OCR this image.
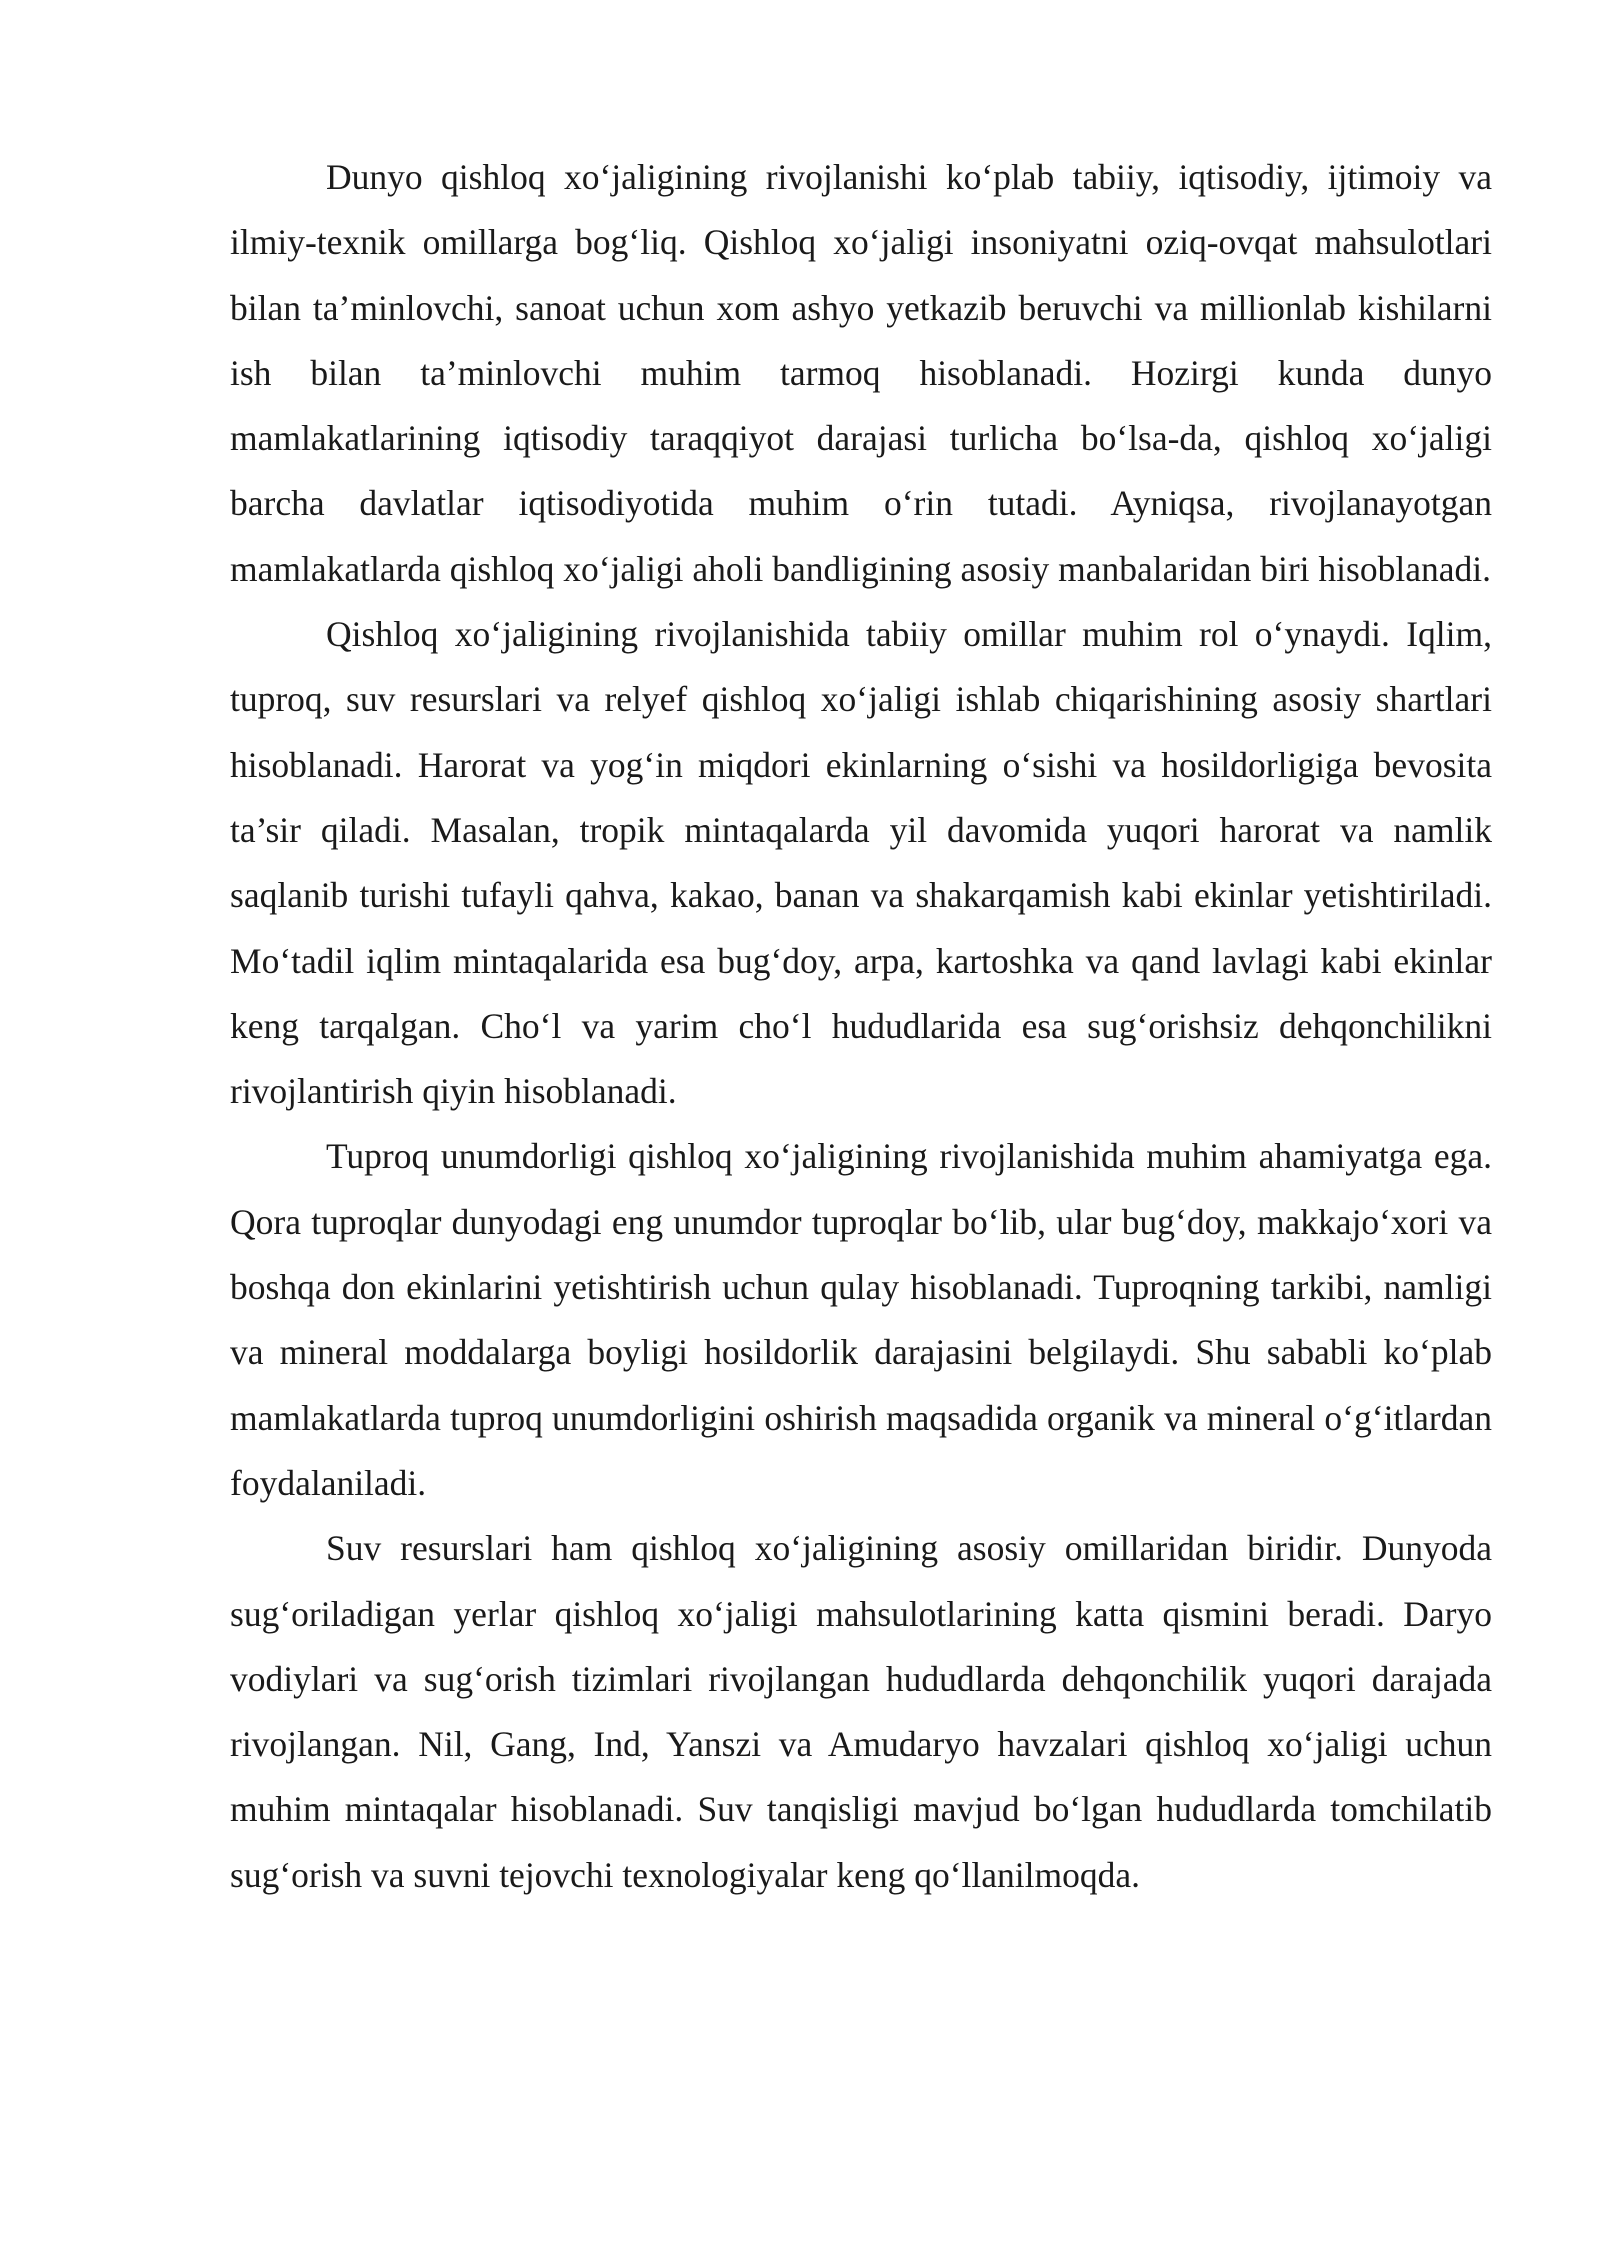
Dunyo qishloq xo‘jaligining rivojlanishi ko‘plab tabiiy, iqtisodiy, ijtimoiy va ilmiy-texnik omillarga bog‘liq. Qishloq xo‘jaligi insoniyatni oziq-ovqat mahsulotlari bilan ta’minlovchi, sanoat uchun xom ashyo yetkazib beruvchi va millionlab kishilarni ish bilan ta’minlovchi muhim tarmoq hisoblanadi. Hozirgi kunda dunyo mamlakatlarining iqtisodiy taraqqiyot darajasi turlicha bo‘lsa-da, qishloq xo‘jaligi barcha davlatlar iqtisodiyotida muhim o‘rin tutadi. Ayniqsa, rivojlanayotgan mamlakatlarda qishloq xo‘jaligi aholi bandligining asosiy manbalaridan biri hisoblanadi.

Qishloq xo‘jaligining rivojlanishida tabiiy omillar muhim rol o‘ynaydi. Iqlim, tuproq, suv resurslari va relyef qishloq xo‘jaligi ishlab chiqarishining asosiy shartlari hisoblanadi. Harorat va yog‘in miqdori ekinlarning o‘sishi va hosildorligiga bevosita ta’sir qiladi. Masalan, tropik mintaqalarda yil davomida yuqori harorat va namlik saqlanib turishi tufayli qahva, kakao, banan va shakarqamish kabi ekinlar yetishtiriladi. Mo‘tadil iqlim mintaqalarida esa bug‘doy, arpa, kartoshka va qand lavlagi kabi ekinlar keng tarqalgan. Cho‘l va yarim cho‘l hududlarida esa sug‘orishsiz dehqonchilikni rivojlantirish qiyin hisoblanadi.

Tuproq unumdorligi qishloq xo‘jaligining rivojlanishida muhim ahamiyatga ega. Qora tuproqlar dunyodagi eng unumdor tuproqlar bo‘lib, ular bug‘doy, makkajo‘xori va boshqa don ekinlarini yetishtirish uchun qulay hisoblanadi. Tuproqning tarkibi, namligi va mineral moddalarga boyligi hosildorlik darajasini belgilaydi. Shu sababli ko‘plab mamlakatlarda tuproq unumdorligini oshirish maqsadida organik va mineral o‘g‘itlardan foydalaniladi.

Suv resurslari ham qishloq xo‘jaligining asosiy omillaridan biridir. Dunyoda sug‘oriladigan yerlar qishloq xo‘jaligi mahsulotlarining katta qismini beradi. Daryo vodiylari va sug‘orish tizimlari rivojlangan hududlarda dehqonchilik yuqori darajada rivojlangan. Nil, Gang, Ind, Yanszi va Amudaryo havzalari qishloq xo‘jaligi uchun muhim mintaqalar hisoblanadi. Suv tanqisligi mavjud bo‘lgan hududlarda tomchilatib sug‘orish va suvni tejovchi texnologiyalar keng qo‘llanilmoqda.
